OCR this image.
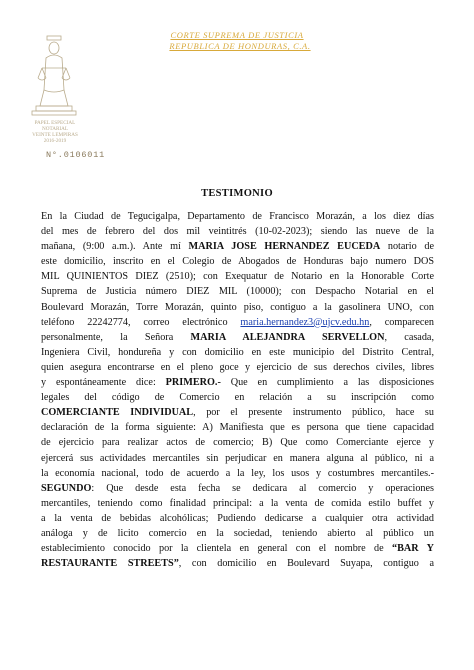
CORTE SUPREMA DE JUSTICIA
REPUBLICA DE HONDURAS, C.A.
PAPEL ESPECIAL
NOTARIAL
VEINTE LEMPIRAS
2016-2019
N°.0106011
TESTIMONIO
En la Ciudad de Tegucigalpa, Departamento de Francisco Morazán, a los diez días
del mes de febrero del dos mil veintitrés (10-02-2023); siendo las nueve de la
mañana, (9:00 a.m.). Ante mí MARIA JOSE HERNANDEZ EUCEDA notario de
este domicilio, inscrito en el Colegio de Abogados de Honduras bajo numero DOS
MIL QUINIENTOS DIEZ (2510); con Exequatur de Notario en la Honorable Corte
Suprema de Justicia número DIEZ MIL (10000); con Despacho Notarial en el
Boulevard Morazán, Torre Morazán, quinto piso, contiguo a la gasolinera UNO, con
teléfono 22242774, correo electrónico maria.hernandez3@ujcv.edu.hn, comparecen
personalmente, la Señora MARIA ALEJANDRA SERVELLON, casada,
Ingeniera Civil, hondureña y con domicilio en este municipio del Distrito Central,
quien asegura encontrarse en el pleno goce y ejercicio de sus derechos civiles, libres
y espontáneamente dice: PRIMERO.- Que en cumplimiento a las disposiciones
legales del código de Comercio en relación a su inscripción como
COMERCIANTE INDIVIDUAL, por el presente instrumento público, hace su
declaración de la forma siguiente: A) Manifiesta que es persona que tiene capacidad
de ejercicio para realizar actos de comercio; B) Que como Comerciante ejerce y
ejercerá sus actividades mercantiles sin perjudicar en manera alguna al público, ni a
la economía nacional, todo de acuerdo a la ley, los usos y costumbres mercantiles.-
SEGUNDO: Que desde esta fecha se dedicara al comercio y operaciones
mercantiles, teniendo como finalidad principal: a la venta de comida estilo buffet y
a la venta de bebidas alcohólicas; Pudiendo dedicarse a cualquier otra actividad
análoga y de licito comercio en la sociedad, teniendo abierto al público un
establecimiento conocido por la clientela en general con el nombre de “BAR Y
RESTAURANTE STREETS”, con domicilio en Boulevard Suyapa, contiguo a
